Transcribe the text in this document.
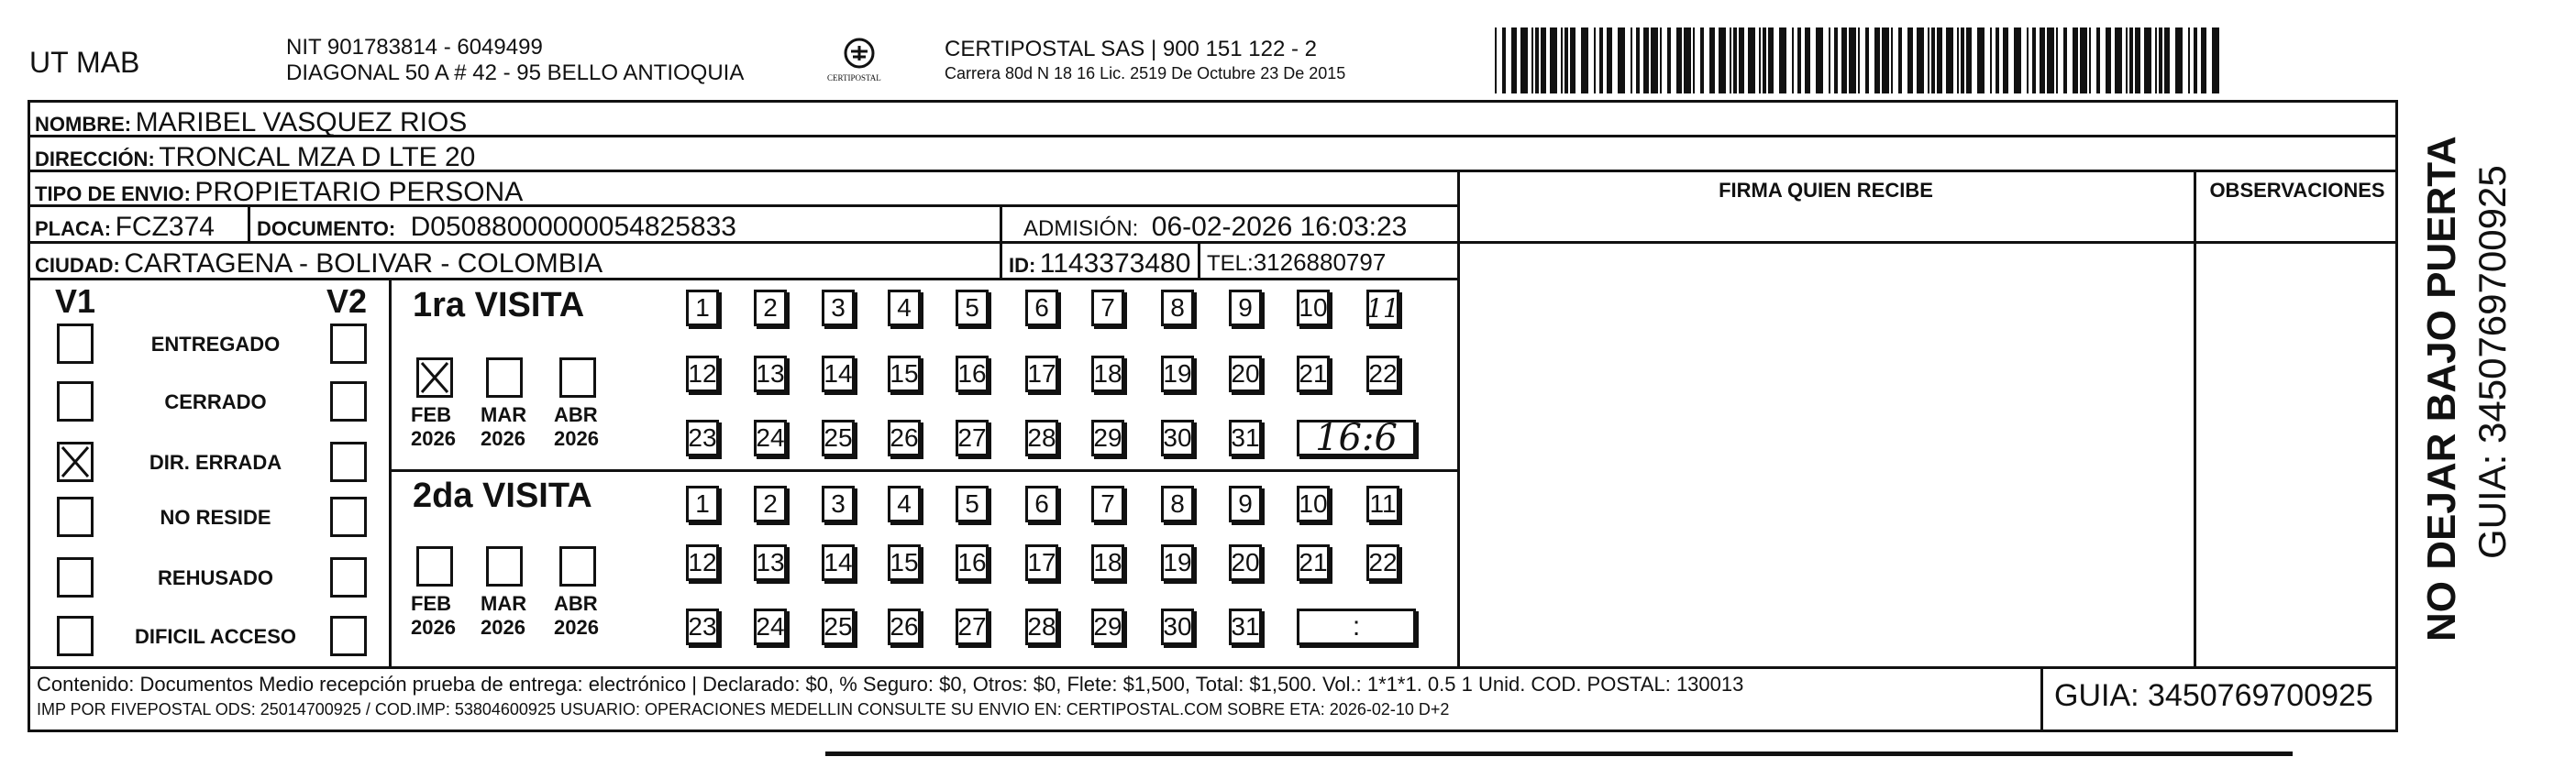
UT MAB	NIT 901783814 - 6049499
DIAGONAL 50 A # 42 - 95 BELLO ANTIOQUIA	CERTIPOSTAL
CERTIPOSTAL SAS | 900 151 122 - 2
Carrera 80d N 18 16 Lic. 2519 De Octubre 23 De 2015
NOMBRE: MARIBEL VASQUEZ RIOS
DIRECCIÓN: TRONCAL MZA D LTE 20
TIPO DE ENVIO: PROPIETARIO PERSONA
PLACA: FCZ374 DOCUMENTO: D05088000000054825833	ADMISIÓN: 06-02-2026 16:03:23
CIUDAD: CARTAGENA - BOLIVAR - COLOMBIA	ID: 1143373480 TEL:3126880797
FIRMA QUIEN RECIBE	OBSERVACIONES
V1	V2
ENTREGADO
CERRADO
DIR. ERRADA
NO RESIDE
REHUSADO
DIFICIL ACCESO
1ra VISITA
2da VISITA
FEB
2026
MAR
2026
ABR
2026
1	2	3	4	5	6	7	8	9	10 11
12 13 14 15 16 17 18 19 20 21 22
23 24 25 26 27 28 29 30 31	16:6
FEB
2026
MAR
2026
ABR
2026
1	2	3	4	5	6	7	8	9	10 11
12 13 14 15 16 17 18 19 20 21 22
23 24 25 26 27 28 29 30 31	:
Contenido: Documentos Medio recepción prueba de entrega: electrónico | Declarado: $0, % Seguro: $0, Otros: $0, Flete: $1,500, Total: $1,500. Vol.: 1*1*1. 0.5 1 Unid. COD. POSTAL: 130013
IMP POR FIVEPOSTAL ODS: 25014700925 / COD.IMP: 53804600925 USUARIO: OPERACIONES MEDELLIN CONSULTE SU ENVIO EN: CERTIPOSTAL.COM SOBRE ETA: 2026-02-10 D+2	GUIA: 3450769700925
NO DEJAR BAJO PUERTA GUIA: 3450769700925
